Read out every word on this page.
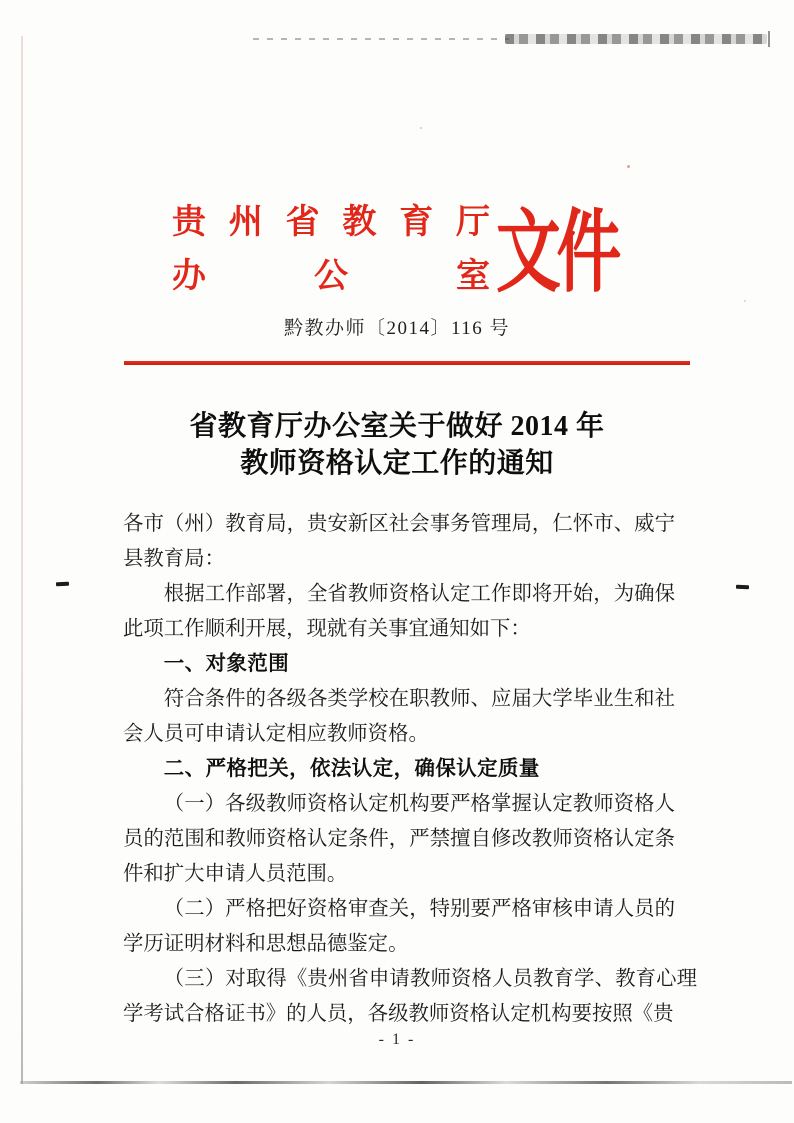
贵州省教育厅
办公室 文件
黔教办师〔2014〕116 号
省教育厅办公室关于做好 2014 年
教师资格认定工作的通知

各市（州）教育局，贵安新区社会事务管理局，仁怀市、威宁县教育局：

根据工作部署，全省教师资格认定工作即将开始，为确保此项工作顺利开展，现就有关事宜通知如下：

一、对象范围

符合条件的各级各类学校在职教师、应届大学毕业生和社会人员可申请认定相应教师资格。

二、严格把关，依法认定，确保认定质量

（一）各级教师资格认定机构要严格掌握认定教师资格人员的范围和教师资格认定条件，严禁擅自修改教师资格认定条件和扩大申请人员范围。

（二）严格把好资格审查关，特别要严格审核申请人员的学历证明材料和思想品德鉴定。

（三）对取得《贵州省申请教师资格人员教育学、教育心理学考试合格证书》的人员，各级教师资格认定机构要按照《贵

- 1 -
